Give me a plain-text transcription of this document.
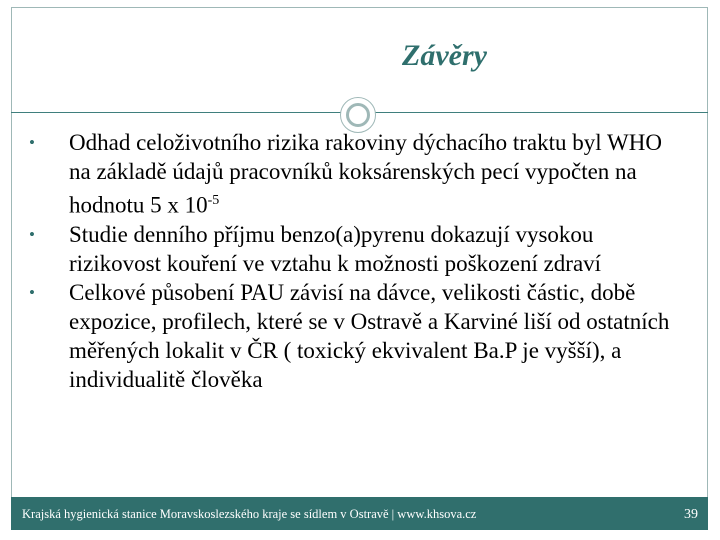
Závěry
•	Odhad celoživotního rizika rakoviny dýchacího traktu byl WHO na základě údajů pracovníků koksárenských pecí vypočten na hodnotu 5 x $10^{-5}$
•	Studie denního příjmu benzo(a)pyrenu dokazují vysokou rizikovost kouření ve vztahu k možnosti poškození zdraví
•	Celkové působení PAU závisí na dávce, velikosti částic, době expozice, profilech, které se v Ostravě a Karviné liší od ostatních měřených lokalit v ČR ( toxický ekvivalent Ba.P je vyšší), a individualitě člověka
Krajská hygienická stanice Moravskoslezského kraje se sídlem v Ostravě | www.khsova.cz	39
